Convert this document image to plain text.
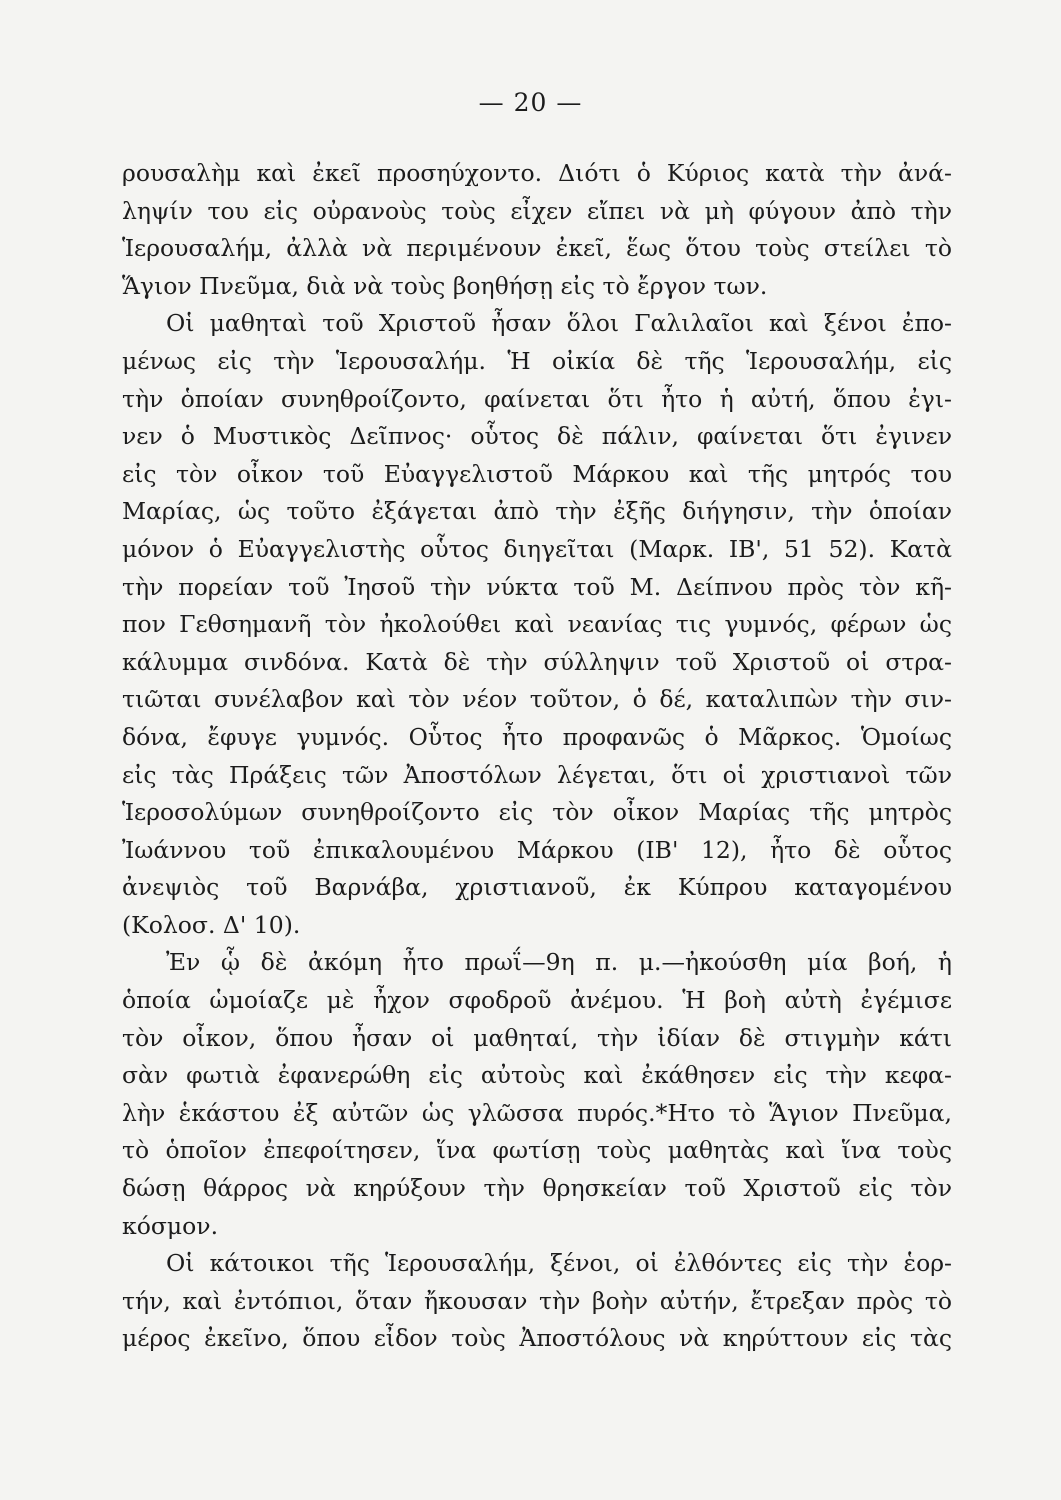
— 20 —
ρουσαλὴμ καὶ ἐκεῖ προσηύχοντο. Διότι ὁ Κύριος κατὰ τὴν ἀνά-
ληψίν του εἰς οὐρανοὺς τοὺς εἶχεν εἴπει νὰ μὴ φύγουν ἀπὸ τὴν
Ἱερουσαλήμ, ἀλλὰ νὰ περιμένουν ἐκεῖ, ἕως ὅτου τοὺς στείλει τὸ
Ἅγιον Πνεῦμα, διὰ νὰ τοὺς βοηθήσῃ εἰς τὸ ἔργον των.
Οἱ μαθηταὶ τοῦ Χριστοῦ ἦσαν ὅλοι Γαλιλαῖοι καὶ ξένοι ἐπο-
μένως εἰς τὴν Ἱερουσαλήμ. Ἡ οἰκία δὲ τῆς Ἱερουσαλήμ, εἰς
τὴν ὁποίαν συνηθροίζοντο, φαίνεται ὅτι ἦτο ἡ αὐτή, ὅπου ἐγι-
νεν ὁ Μυστικὸς Δεῖπνος· οὗτος δὲ πάλιν, φαίνεται ὅτι ἐγινεν
εἰς τὸν οἶκον τοῦ Εὐαγγελιστοῦ Μάρκου καὶ τῆς μητρός του
Μαρίας, ὡς τοῦτο ἐξάγεται ἀπὸ τὴν ἐξῆς διήγησιν, τὴν ὁποίαν
μόνον ὁ Εὐαγγελιστὴς οὗτος διηγεῖται (Μαρκ. ΙΒ', 51 52). Κατὰ
τὴν πορείαν τοῦ Ἰησοῦ τὴν νύκτα τοῦ Μ. Δείπνου πρὸς τὸν κῆ-
πον Γεθσημανῆ τὸν ἠκολούθει καὶ νεανίας τις γυμνός, φέρων ὡς
κάλυμμα σινδόνα. Κατὰ δὲ τὴν σύλληψιν τοῦ Χριστοῦ οἱ στρα-
τιῶται συνέλαβον καὶ τὸν νέον τοῦτον, ὁ δέ, καταλιπὼν τὴν σιν-
δόνα, ἔφυγε γυμνός. Οὗτος ἦτο προφανῶς ὁ Μᾶρκος. Ὁμοίως
εἰς τὰς Πράξεις τῶν Ἀποστόλων λέγεται, ὅτι οἱ χριστιανοὶ τῶν
Ἱεροσολύμων συνηθροίζοντο εἰς τὸν οἶκον Μαρίας τῆς μητρὸς
Ἰωάννου τοῦ ἐπικαλουμένου Μάρκου (ΙΒ' 12), ἦτο δὲ οὗτος
ἀνεψιὸς τοῦ Βαρνάβα, χριστιανοῦ, ἐκ Κύπρου καταγομένου
(Κολοσ. Δ' 10).
Ἐν ᾧ δὲ ἀκόμη ἦτο πρωΐ—9η π. μ.—ἠκούσθη μία βοή, ἡ
ὁποία ὡμοίαζε μὲ ἦχον σφοδροῦ ἀνέμου. Ἡ βοὴ αὐτὴ ἐγέμισε
τὸν οἶκον, ὅπου ἦσαν οἱ μαθηταί, τὴν ἰδίαν δὲ στιγμὴν κάτι
σὰν φωτιὰ ἐφανερώθη εἰς αὐτοὺς καὶ ἐκάθησεν εἰς τὴν κεφα-
λὴν ἑκάστου ἐξ αὐτῶν ὡς γλῶσσα πυρός.*Ητο τὸ Ἅγιον Πνεῦμα,
τὸ ὁποῖον ἐπεφοίτησεν, ἵνα φωτίσῃ τοὺς μαθητὰς καὶ ἵνα τοὺς
δώσῃ θάρρος νὰ κηρύξουν τὴν θρησκείαν τοῦ Χριστοῦ εἰς τὸν
κόσμον.
Οἱ κάτοικοι τῆς Ἱερουσαλήμ, ξένοι, οἱ ἐλθόντες εἰς τὴν ἑορ-
τήν, καὶ ἐντόπιοι, ὅταν ἤκουσαν τὴν βοὴν αὐτήν, ἔτρεξαν πρὸς τὸ
μέρος ἐκεῖνο, ὅπου εἶδον τοὺς Ἀποστόλους νὰ κηρύττουν εἰς τὰς
